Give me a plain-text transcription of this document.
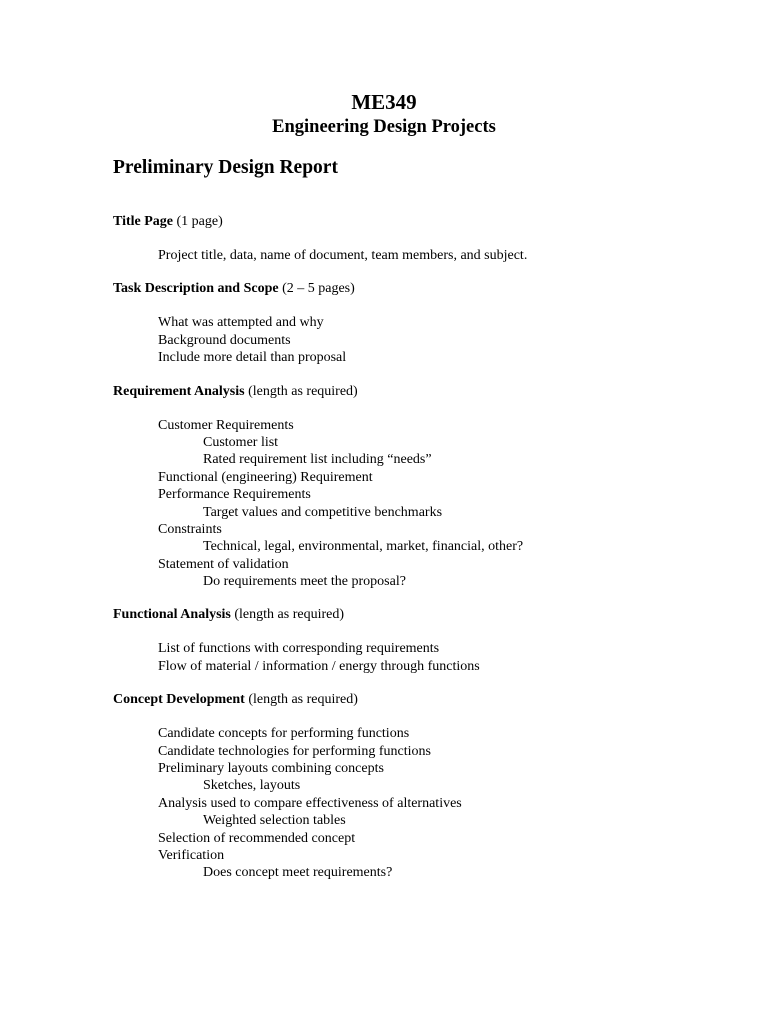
ME349
Engineering Design Projects
Preliminary Design Report
Title Page (1 page)
Project title, data, name of document, team members, and subject.
Task Description and Scope (2 – 5 pages)
What was attempted and why
Background documents
Include more detail than proposal
Requirement Analysis (length as required)
Customer Requirements
Customer list
Rated requirement list including “needs”
Functional (engineering) Requirement
Performance Requirements
Target values and competitive benchmarks
Constraints
Technical, legal, environmental, market, financial, other?
Statement of validation
Do requirements meet the proposal?
Functional Analysis (length as required)
List of functions with corresponding requirements
Flow of material / information / energy through functions
Concept Development (length as required)
Candidate concepts for performing functions
Candidate technologies for performing functions
Preliminary layouts combining concepts
Sketches, layouts
Analysis used to compare effectiveness of alternatives
Weighted selection tables
Selection of recommended concept
Verification
Does concept meet requirements?
